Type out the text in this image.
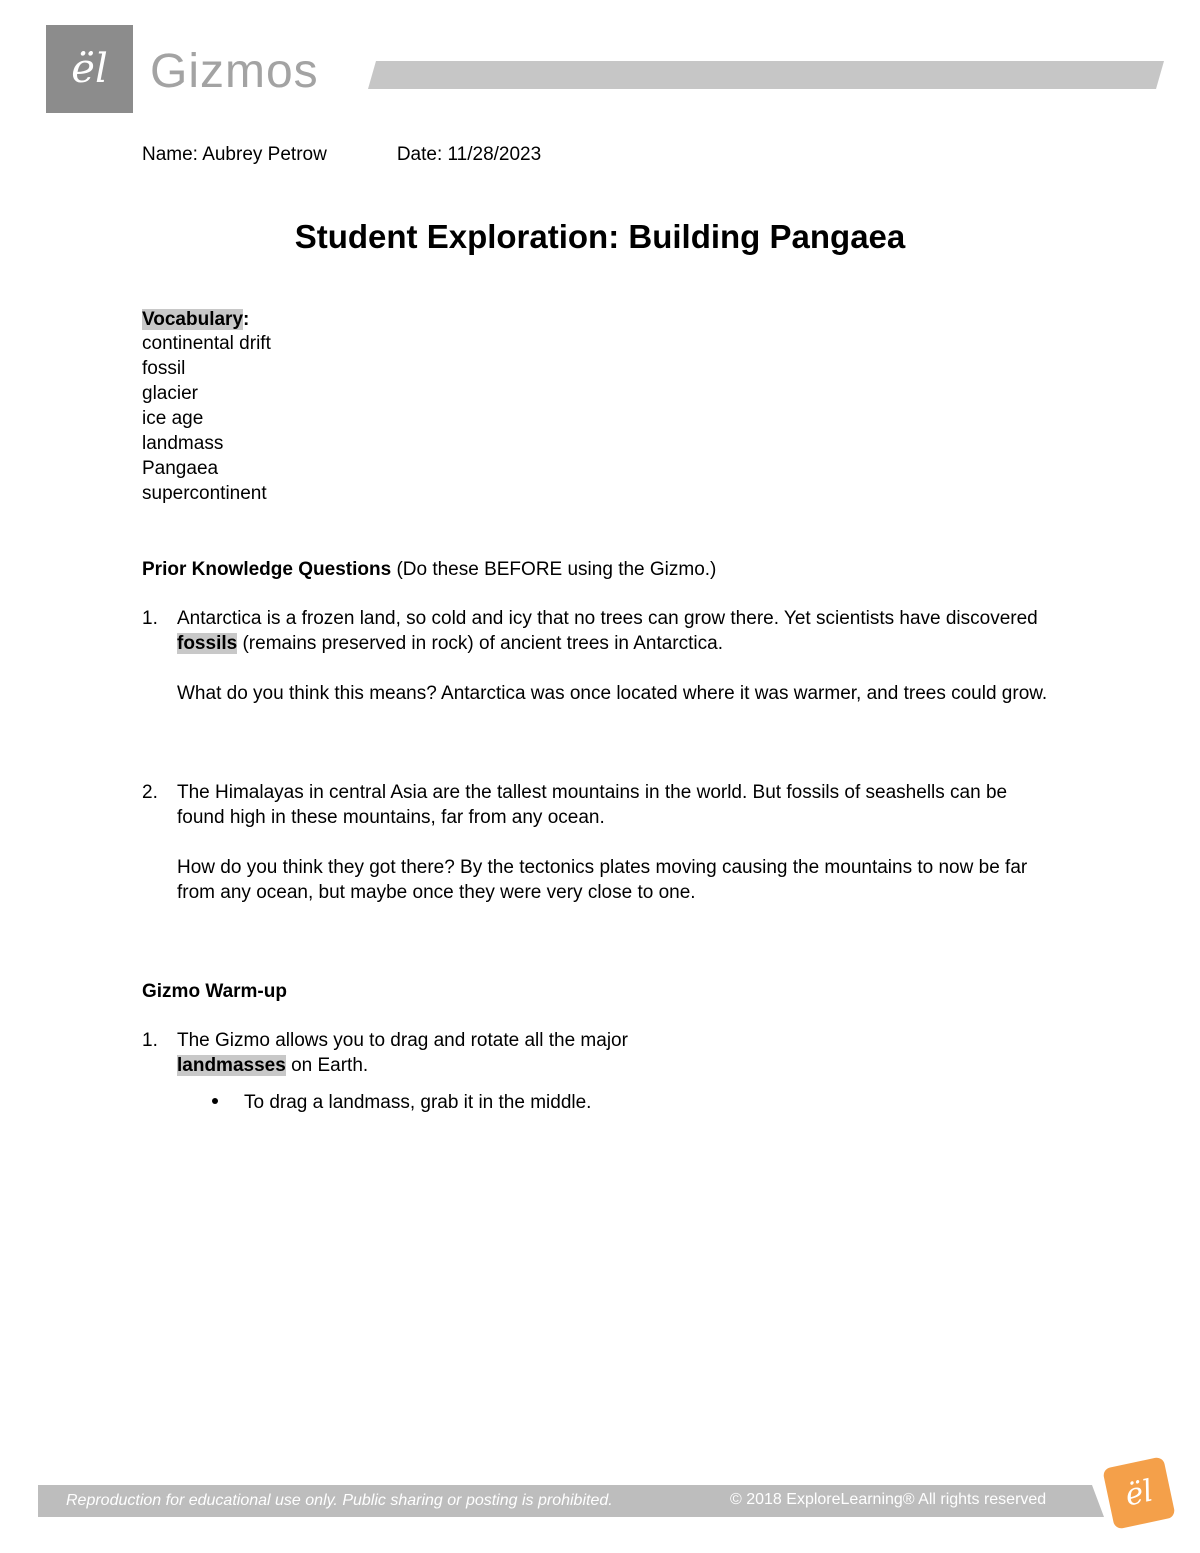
ël Gizmos
Name: Aubrey Petrow	Date: 11/28/2023
Student Exploration: Building Pangaea
Vocabulary:
continental drift
fossil
glacier
ice age
landmass
Pangaea
supercontinent
Prior Knowledge Questions (Do these BEFORE using the Gizmo.)
1. Antarctica is a frozen land, so cold and icy that no trees can grow there. Yet scientists have discovered fossils (remains preserved in rock) of ancient trees in Antarctica.
What do you think this means? Antarctica was once located where it was warmer, and trees could grow.
2. The Himalayas in central Asia are the tallest mountains in the world. But fossils of seashells can be found high in these mountains, far from any ocean.
How do you think they got there? By the tectonics plates moving causing the mountains to now be far from any ocean, but maybe once they were very close to one.
Gizmo Warm-up
1. The Gizmo allows you to drag and rotate all the major landmasses on Earth.
To drag a landmass, grab it in the middle.
Reproduction for educational use only. Public sharing or posting is prohibited.	© 2018 ExploreLearning® All rights reserved	ël
